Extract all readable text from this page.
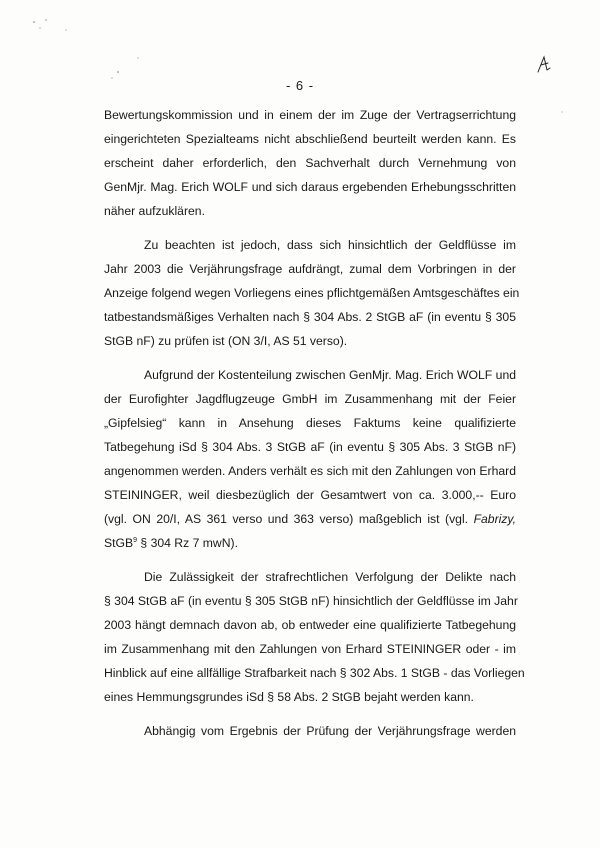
- 6 -
Bewertungskommission und in einem der im Zuge der Vertragserrichtung
eingerichteten Spezialteams nicht abschließend beurteilt werden kann. Es
erscheint daher erforderlich, den Sachverhalt durch Vernehmung von
GenMjr. Mag. Erich WOLF und sich daraus ergebenden Erhebungsschritten
näher aufzuklären.
Zu beachten ist jedoch, dass sich hinsichtlich der Geldflüsse im
Jahr 2003 die Verjährungsfrage aufdrängt, zumal dem Vorbringen in der
Anzeige folgend wegen Vorliegens eines pflichtgemäßen Amtsgeschäftes ein
tatbestandsmäßiges Verhalten nach § 304 Abs. 2 StGB aF (in eventu § 305
StGB nF) zu prüfen ist (ON 3/I, AS 51 verso).
Aufgrund der Kostenteilung zwischen GenMjr. Mag. Erich WOLF und
der Eurofighter Jagdflugzeuge GmbH im Zusammenhang mit der Feier
„Gipfelsieg“ kann in Ansehung dieses Faktums keine qualifizierte
Tatbegehung iSd § 304 Abs. 3 StGB aF (in eventu § 305 Abs. 3 StGB nF)
angenommen werden. Anders verhält es sich mit den Zahlungen von Erhard
STEININGER, weil diesbezüglich der Gesamtwert von ca. 3.000,-- Euro
(vgl. ON 20/I, AS 361 verso und 363 verso) maßgeblich ist (vgl. Fabrizy,
StGB$^9$ § 304 Rz 7 mwN).
Die Zulässigkeit der strafrechtlichen Verfolgung der Delikte nach
§ 304 StGB aF (in eventu § 305 StGB nF) hinsichtlich der Geldflüsse im Jahr
2003 hängt demnach davon ab, ob entweder eine qualifizierte Tatbegehung
im Zusammenhang mit den Zahlungen von Erhard STEININGER oder - im
Hinblick auf eine allfällige Strafbarkeit nach § 302 Abs. 1 StGB - das Vorliegen
eines Hemmungsgrundes iSd § 58 Abs. 2 StGB bejaht werden kann.
Abhängig vom Ergebnis der Prüfung der Verjährungsfrage werden
